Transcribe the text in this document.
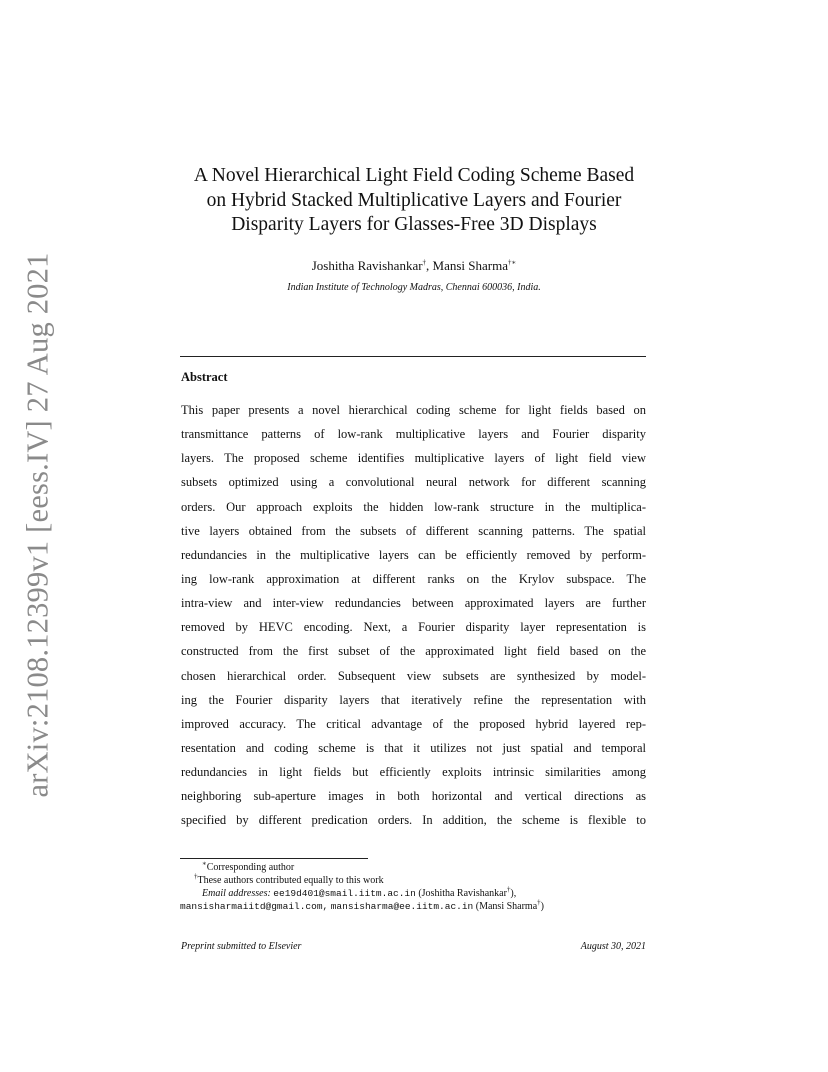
arXiv:2108.12399v1 [eess.IV] 27 Aug 2021
A Novel Hierarchical Light Field Coding Scheme Based
on Hybrid Stacked Multiplicative Layers and Fourier
Disparity Layers for Glasses-Free 3D Displays
Joshitha Ravishankar†, Mansi Sharma†∗
Indian Institute of Technology Madras, Chennai 600036, India.
Abstract
This paper presents a novel hierarchical coding scheme for light fields based on
transmittance patterns of low-rank multiplicative layers and Fourier disparity
layers. The proposed scheme identifies multiplicative layers of light field view
subsets optimized using a convolutional neural network for different scanning
orders. Our approach exploits the hidden low-rank structure in the multiplica-
tive layers obtained from the subsets of different scanning patterns. The spatial
redundancies in the multiplicative layers can be efficiently removed by perform-
ing low-rank approximation at different ranks on the Krylov subspace. The
intra-view and inter-view redundancies between approximated layers are further
removed by HEVC encoding. Next, a Fourier disparity layer representation is
constructed from the first subset of the approximated light field based on the
chosen hierarchical order. Subsequent view subsets are synthesized by model-
ing the Fourier disparity layers that iteratively refine the representation with
improved accuracy. The critical advantage of the proposed hybrid layered rep-
resentation and coding scheme is that it utilizes not just spatial and temporal
redundancies in light fields but efficiently exploits intrinsic similarities among
neighboring sub-aperture images in both horizontal and vertical directions as
specified by different predication orders. In addition, the scheme is flexible to
∗Corresponding author
†These authors contributed equally to this work
Email addresses: ee19d401@smail.iitm.ac.in (Joshitha Ravishankar†),
mansisharmaiitd@gmail.com, mansisharma@ee.iitm.ac.in (Mansi Sharma†)
Preprint submitted to Elsevier	August 30, 2021
